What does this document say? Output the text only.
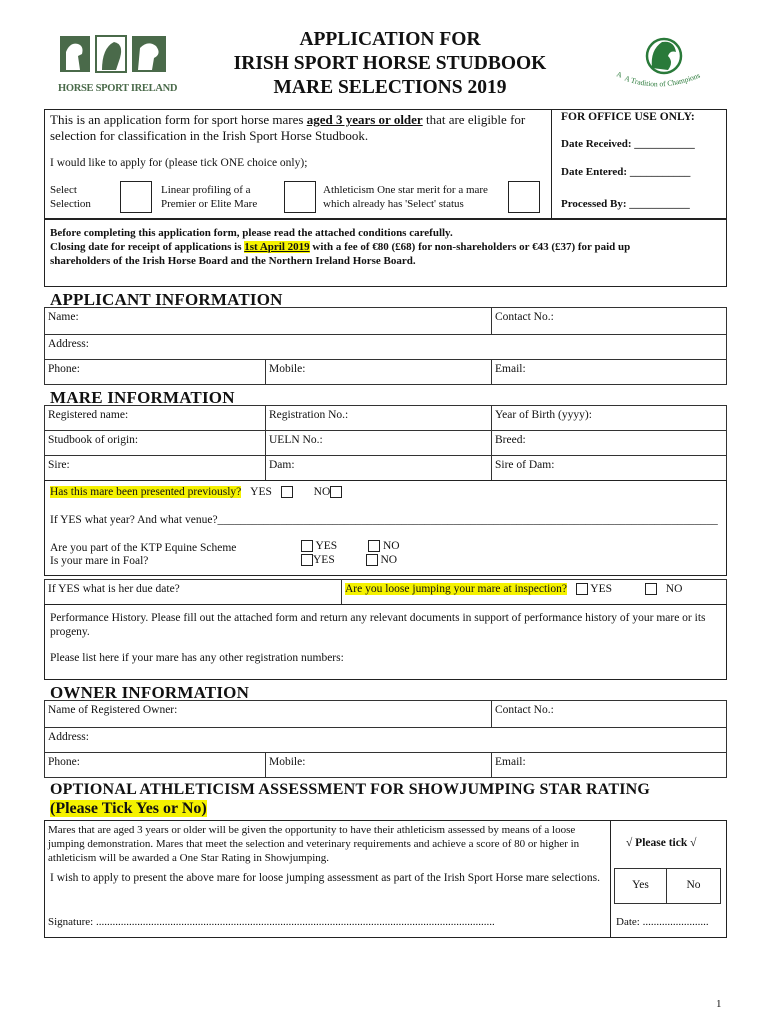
HORSE SPORT IRELAND
A A Tradition of Champions
APPLICATION FOR
IRISH SPORT HORSE STUDBOOK
MARE SELECTIONS 2019
This is an application form for sport horse mares aged 3 years or older that are eligible for selection for classification in the Irish Sport Horse Studbook.
I would like to apply for (please tick ONE choice only);
Select Selection
Linear profiling of a Premier or Elite Mare
Athleticism One star merit for a mare which already has 'Select' status
FOR OFFICE USE ONLY:
Date Received: ___________
Date Entered: ___________
Processed By: ___________
Before completing this application form, please read the attached conditions carefully.
Closing date for receipt of applications is 1st April 2019 with a fee of €80 (£68) for non-shareholders or €43 (£37) for paid up
shareholders of the Irish Horse Board and the Northern Ireland Horse Board.
APPLICANT INFORMATION
Name:	Contact No.:
Address:
Phone:	Mobile:	Email:
MARE INFORMATION
Registered name:	Registration No.:	Year of Birth (yyyy):
Studbook of origin:	UELN No.:	Breed:
Sire:	Dam:	Sire of Dam:
Has this mare been presented previously? YES	NO
If YES what year? And what venue?_______________________________________________________________________________________
Are you part of the KTP Equine Scheme
Is your mare in Foal?
YES	NO
YES	NO
If YES what is her due date?	Are you loose jumping your mare at inspection? YES	NO
Performance History. Please fill out the attached form and return any relevant documents in support of performance history of your mare or its progeny.
Please list here if your mare has any other registration numbers:
OWNER INFORMATION
Name of Registered Owner:	Contact No.:
Address:
Phone:	Mobile:	Email:
OPTIONAL ATHLETICISM ASSESSMENT FOR SHOWJUMPING STAR RATING
(Please Tick Yes or No)
Mares that are aged 3 years or older will be given the opportunity to have their athleticism assessed by means of a loose jumping demonstration. Mares that meet the selection and veterinary requirements and achieve a score of 80 or higher in athleticism will be awarded a One Star Rating in Showjumping.
√ Please tick √
I wish to apply to present the above mare for loose jumping assessment as part of the Irish Sport Horse mare selections.
Yes	No
Signature: .................................................................................................................................................	Date: ........................
1
